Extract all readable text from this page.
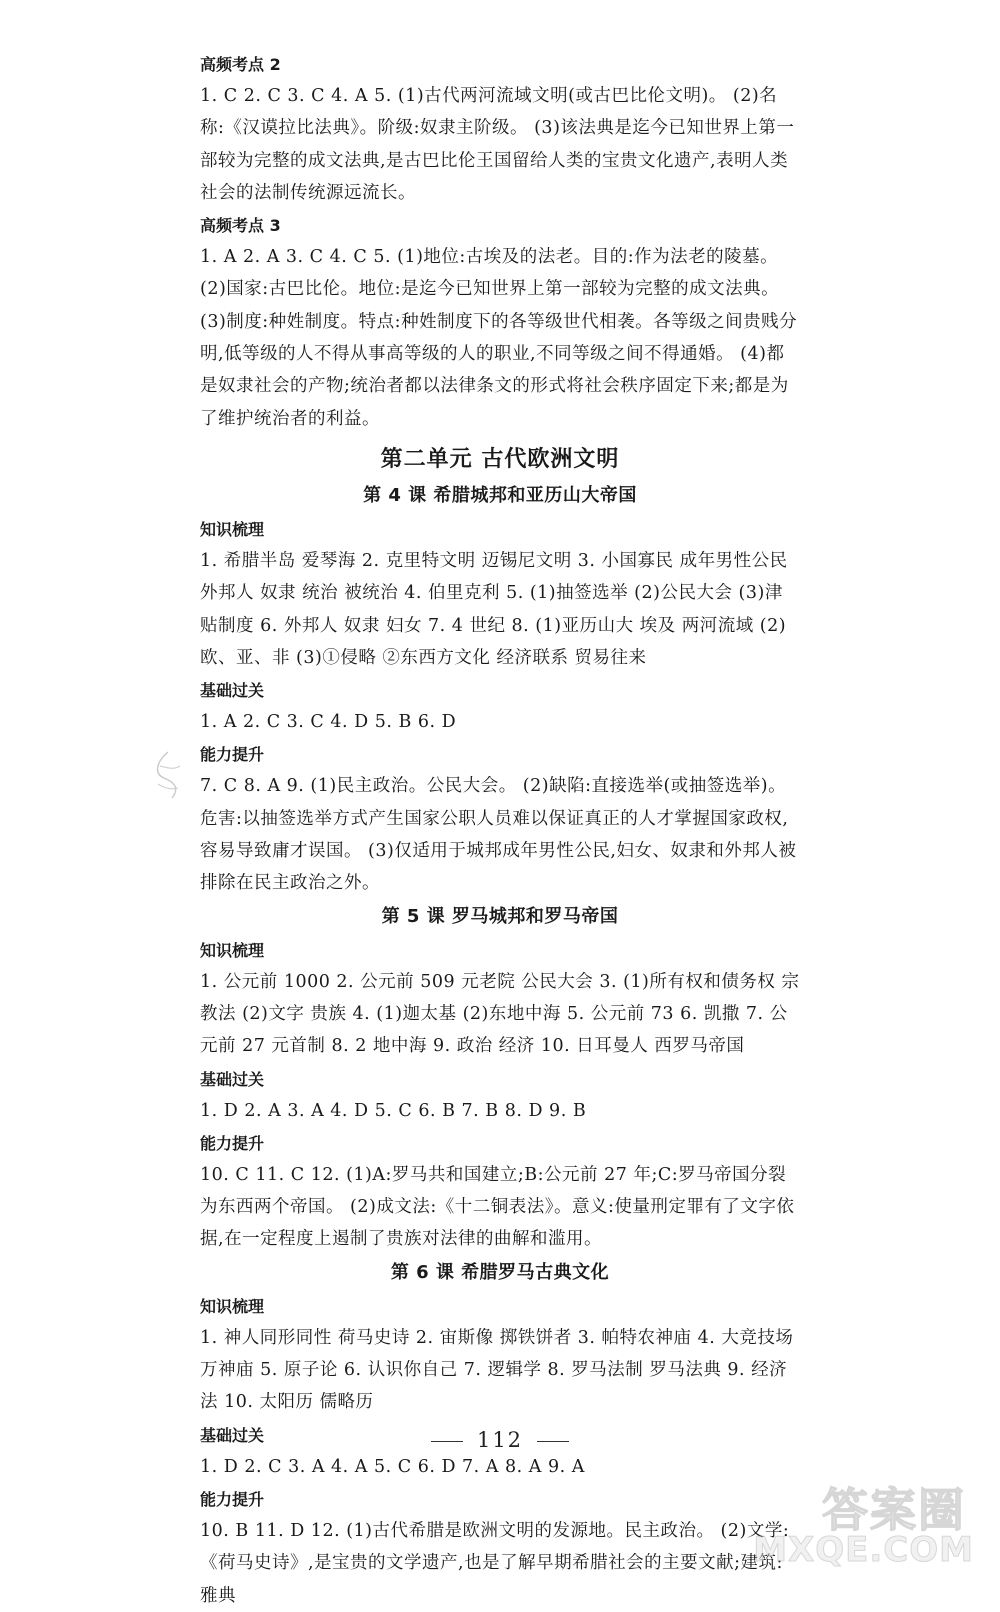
高频考点 2

1. C 2. C 3. C 4. A 5. (1)古代两河流域文明(或古巴比伦文明)。 (2)名称:《汉谟拉比法典》。阶级:奴隶主阶级。 (3)该法典是迄今已知世界上第一部较为完整的成文法典,是古巴比伦王国留给人类的宝贵文化遗产,表明人类社会的法制传统源远流长。

高频考点 3

1. A 2. A 3. C 4. C 5. (1)地位:古埃及的法老。目的:作为法老的陵墓。

(2)国家:古巴比伦。地位:是迄今已知世界上第一部较为完整的成文法典。

(3)制度:种姓制度。特点:种姓制度下的各等级世代相袭。各等级之间贵贱分明,低等级的人不得从事高等级的人的职业,不同等级之间不得通婚。 (4)都是奴隶社会的产物;统治者都以法律条文的形式将社会秩序固定下来;都是为了维护统治者的利益。

第二单元 古代欧洲文明
第 4 课 希腊城邦和亚历山大帝国
知识梳理

1. 希腊半岛 爱琴海 2. 克里特文明 迈锡尼文明 3. 小国寡民 成年男性公民 外邦人 奴隶 统治 被统治 4. 伯里克利 5. (1)抽签选举 (2)公民大会 (3)津贴制度 6. 外邦人 奴隶 妇女 7. 4 世纪 8. (1)亚历山大 埃及 两河流域 (2)欧、亚、非 (3)①侵略 ②东西方文化 经济联系 贸易往来

基础过关

1. A 2. C 3. C 4. D 5. B 6. D

能力提升

7. C 8. A 9. (1)民主政治。公民大会。 (2)缺陷:直接选举(或抽签选举)。危害:以抽签选举方式产生国家公职人员难以保证真正的人才掌握国家政权,容易导致庸才误国。 (3)仅适用于城邦成年男性公民,妇女、奴隶和外邦人被排除在民主政治之外。

第 5 课 罗马城邦和罗马帝国
知识梳理

1. 公元前 1000 2. 公元前 509 元老院 公民大会 3. (1)所有权和债务权 宗教法 (2)文字 贵族 4. (1)迦太基 (2)东地中海 5. 公元前 73 6. 凯撒 7. 公元前 27 元首制 8. 2 地中海 9. 政治 经济 10. 日耳曼人 西罗马帝国

基础过关

1. D 2. A 3. A 4. D 5. C 6. B 7. B 8. D 9. B

能力提升

10. C 11. C 12. (1)A:罗马共和国建立;B:公元前 27 年;C:罗马帝国分裂为东西两个帝国。 (2)成文法:《十二铜表法》。意义:使量刑定罪有了文字依据,在一定程度上遏制了贵族对法律的曲解和滥用。

第 6 课 希腊罗马古典文化
知识梳理

1. 神人同形同性 荷马史诗 2. 宙斯像 掷铁饼者 3. 帕特农神庙 4. 大竞技场 万神庙 5. 原子论 6. 认识你自己 7. 逻辑学 8. 罗马法制 罗马法典 9. 经济法 10. 太阳历 儒略历

基础过关

1. D 2. C 3. A 4. A 5. C 6. D 7. A 8. A 9. A

能力提升

10. B 11. D 12. (1)古代希腊是欧洲文明的发源地。民主政治。 (2)文学:《荷马史诗》,是宝贵的文学遗产,也是了解早期希腊社会的主要文献;建筑:雅典

112
答案圈
MXQE.COM
